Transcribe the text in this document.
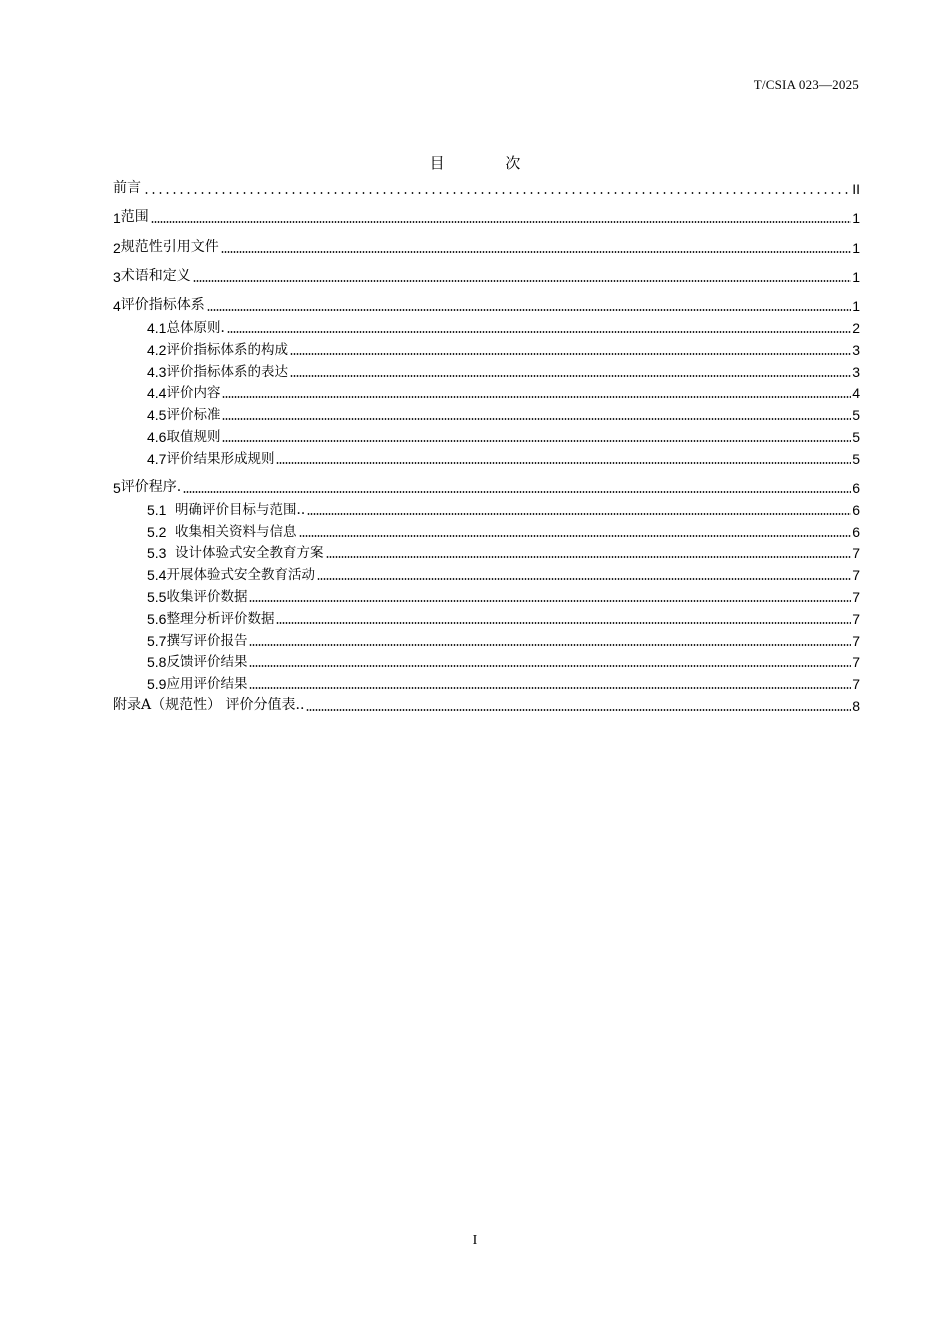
T/CSIA 023—2025
目 次
前言	II
1 范围	1
2 规范性引用文件	1
3 术语和定义	1
4 评价指标体系	1
4.1 总体原则.	2
4.2 评价指标体系的构成	3
4.3 评价指标体系的表达	3
4.4 评价内容	4
4.5 评价标准	5
4.6 取值规则	5
4.7 评价结果形成规则	5
5 评价程序.	6
5.1 明确评价目标与范围..	6
5.2 收集相关资料与信息	6
5.3 设计体验式安全教育方案	7
5.4 开展体验式安全教育活动	7
5.5 收集评价数据	7
5.6 整理分析评价数据	7
5.7 撰写评价报告	7
5.8 反馈评价结果	7
5.9 应用评价结果	7
附录A（规范性） 评价分值表..	8
I
